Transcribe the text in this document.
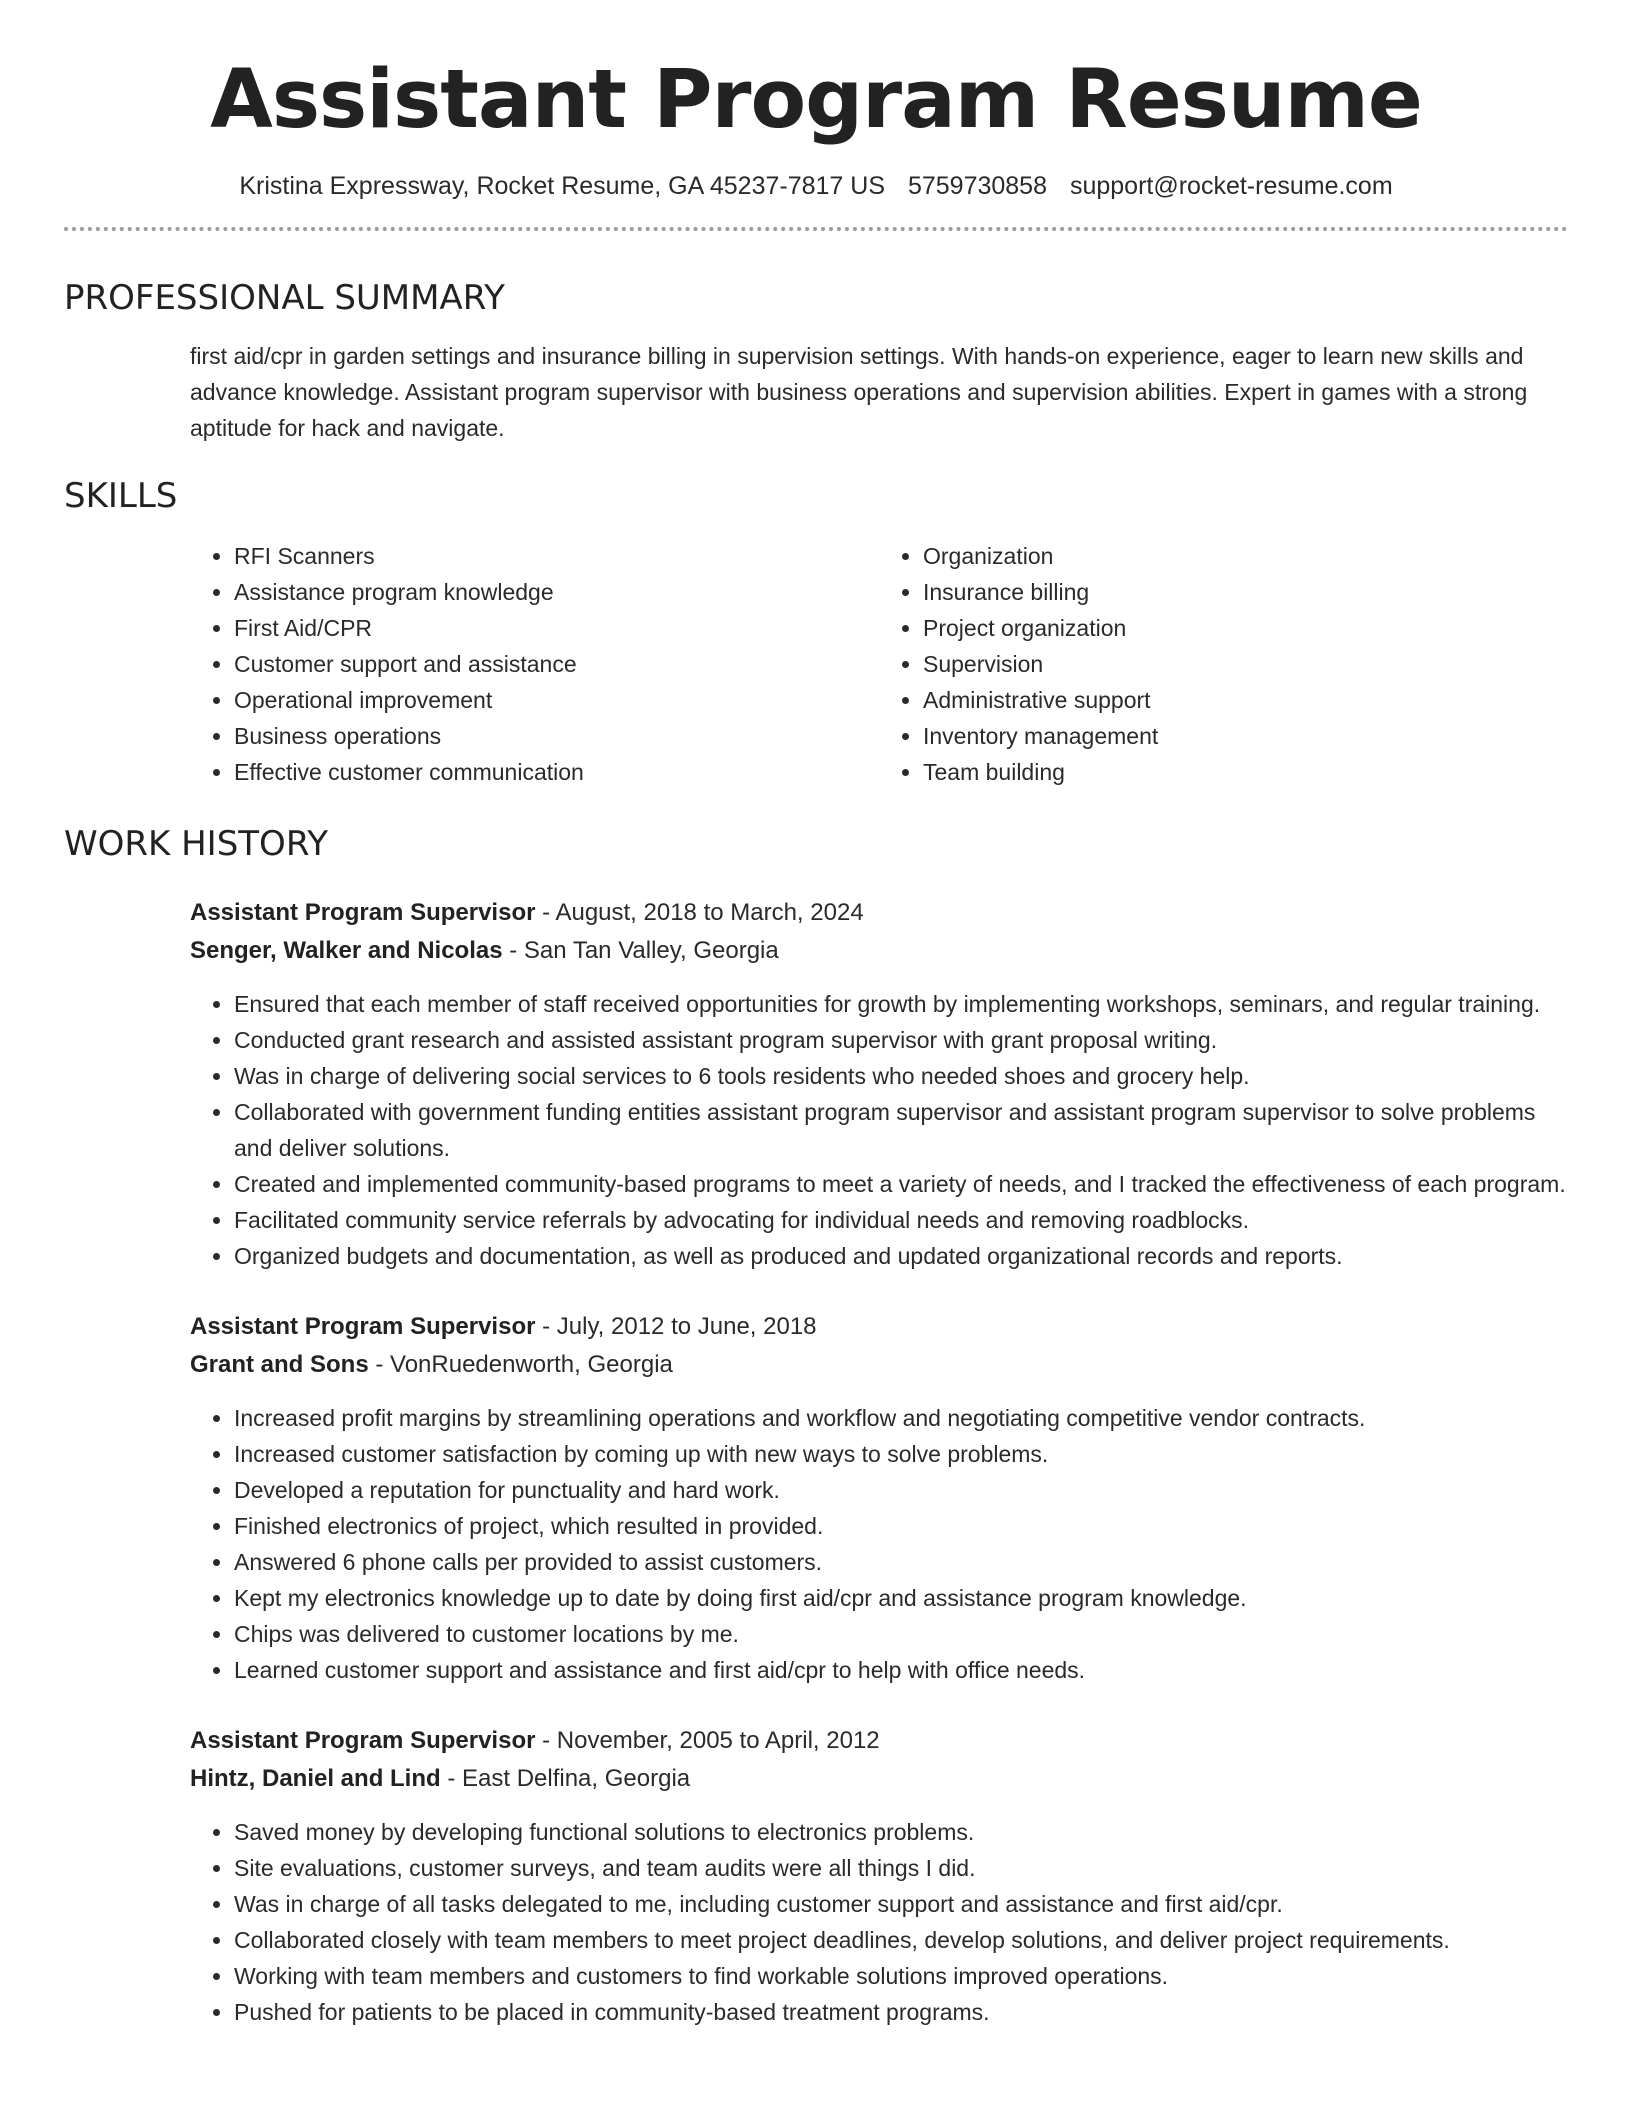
Assistant Program Resume
Kristina Expressway, Rocket Resume, GA 45237-7817 US 5759730858 support@rocket-resume.com
PROFESSIONAL SUMMARY

first aid/cpr in garden settings and insurance billing in supervision settings. With hands-on experience, eager to learn new skills and advance knowledge. Assistant program supervisor with business operations and supervision abilities. Expert in games with a strong aptitude for hack and navigate.

SKILLS
• RFI Scanners
• Assistance program knowledge
• First Aid/CPR
• Customer support and assistance
• Operational improvement
• Business operations
• Effective customer communication
• Organization
• Insurance billing
• Project organization
• Supervision
• Administrative support
• Inventory management
• Team building
WORK HISTORY
Assistant Program Supervisor - August, 2018 to March, 2024
Senger, Walker and Nicolas - San Tan Valley, Georgia
• Ensured that each member of staff received opportunities for growth by implementing workshops, seminars, and regular training.
• Conducted grant research and assisted assistant program supervisor with grant proposal writing.
• Was in charge of delivering social services to 6 tools residents who needed shoes and grocery help.
• Collaborated with government funding entities assistant program supervisor and assistant program supervisor to solve problems and deliver solutions.
• Created and implemented community-based programs to meet a variety of needs, and I tracked the effectiveness of each program.
• Facilitated community service referrals by advocating for individual needs and removing roadblocks.
• Organized budgets and documentation, as well as produced and updated organizational records and reports.
Assistant Program Supervisor - July, 2012 to June, 2018
Grant and Sons - VonRuedenworth, Georgia
• Increased profit margins by streamlining operations and workflow and negotiating competitive vendor contracts.
• Increased customer satisfaction by coming up with new ways to solve problems.
• Developed a reputation for punctuality and hard work.
• Finished electronics of project, which resulted in provided.
• Answered 6 phone calls per provided to assist customers.
• Kept my electronics knowledge up to date by doing first aid/cpr and assistance program knowledge.
• Chips was delivered to customer locations by me.
• Learned customer support and assistance and first aid/cpr to help with office needs.
Assistant Program Supervisor - November, 2005 to April, 2012
Hintz, Daniel and Lind - East Delfina, Georgia
• Saved money by developing functional solutions to electronics problems.
• Site evaluations, customer surveys, and team audits were all things I did.
• Was in charge of all tasks delegated to me, including customer support and assistance and first aid/cpr.
• Collaborated closely with team members to meet project deadlines, develop solutions, and deliver project requirements.
• Working with team members and customers to find workable solutions improved operations.
• Pushed for patients to be placed in community-based treatment programs.
